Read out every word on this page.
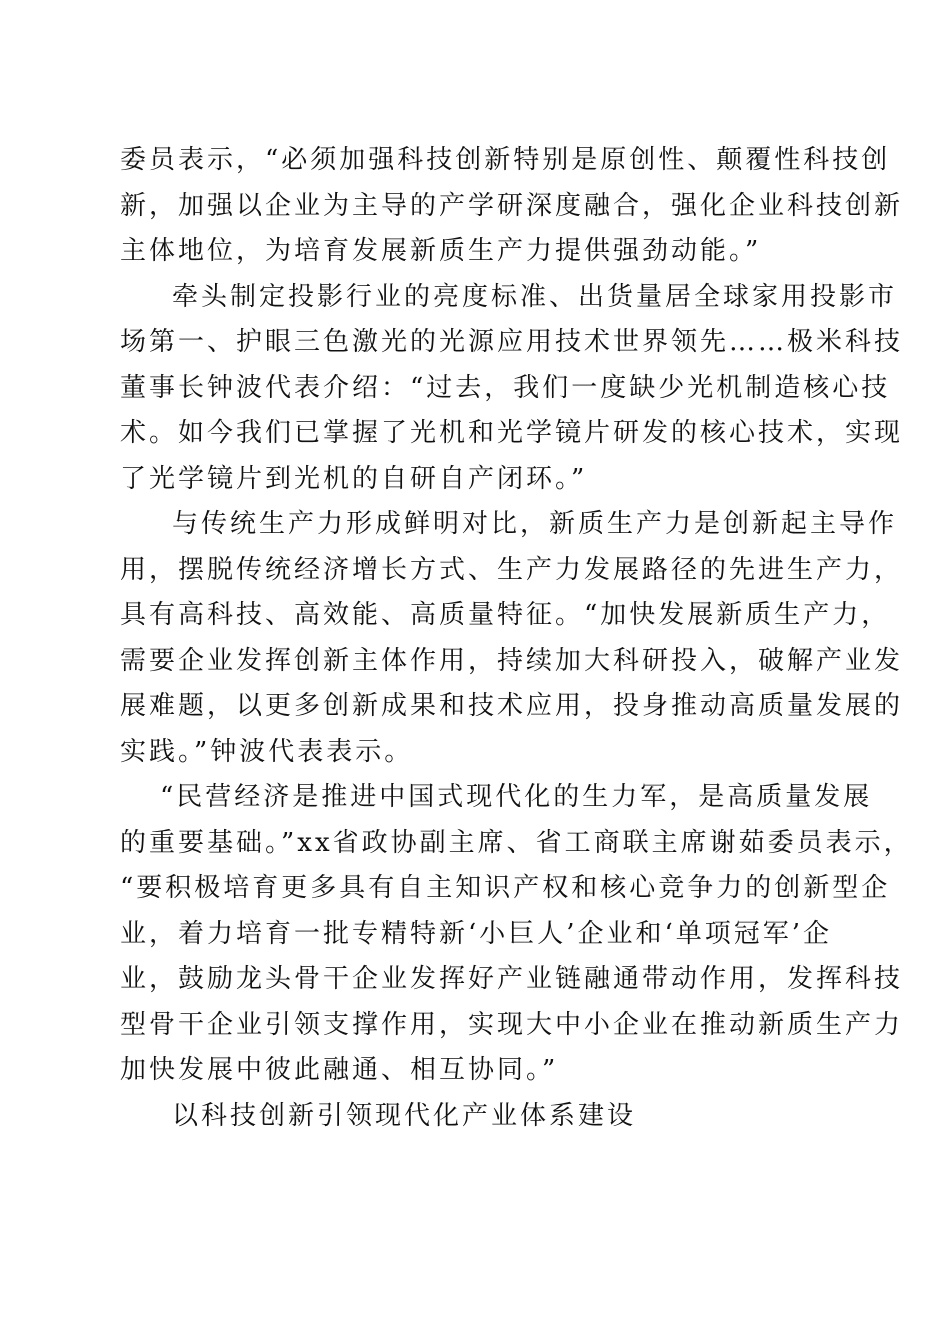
委员表示，“必须加强科技创新特别是原创性、颠覆性科技创
新，加强以企业为主导的产学研深度融合，强化企业科技创新
主体地位，为培育发展新质生产力提供强劲动能。”
牵头制定投影行业的亮度标准、出货量居全球家用投影市
场第一、护眼三色激光的光源应用技术世界领先……极米科技
董事长钟波代表介绍：“过去，我们一度缺少光机制造核心技
术。如今我们已掌握了光机和光学镜片研发的核心技术，实现
了光学镜片到光机的自研自产闭环。”
与传统生产力形成鲜明对比，新质生产力是创新起主导作
用，摆脱传统经济增长方式、生产力发展路径的先进生产力，
具有高科技、高效能、高质量特征。“加快发展新质生产力，
需要企业发挥创新主体作用，持续加大科研投入，破解产业发
展难题，以更多创新成果和技术应用，投身推动高质量发展的
实践。”钟波代表表示。
“民营经济是推进中国式现代化的生力军，是高质量发展
的重要基础。”xx省政协副主席、省工商联主席谢茹委员表示，
“要积极培育更多具有自主知识产权和核心竞争力的创新型企
业，着力培育一批专精特新‘小巨人’企业和‘单项冠军’企
业，鼓励龙头骨干企业发挥好产业链融通带动作用，发挥科技
型骨干企业引领支撑作用，实现大中小企业在推动新质生产力
加快发展中彼此融通、相互协同。”
以科技创新引领现代化产业体系建设
